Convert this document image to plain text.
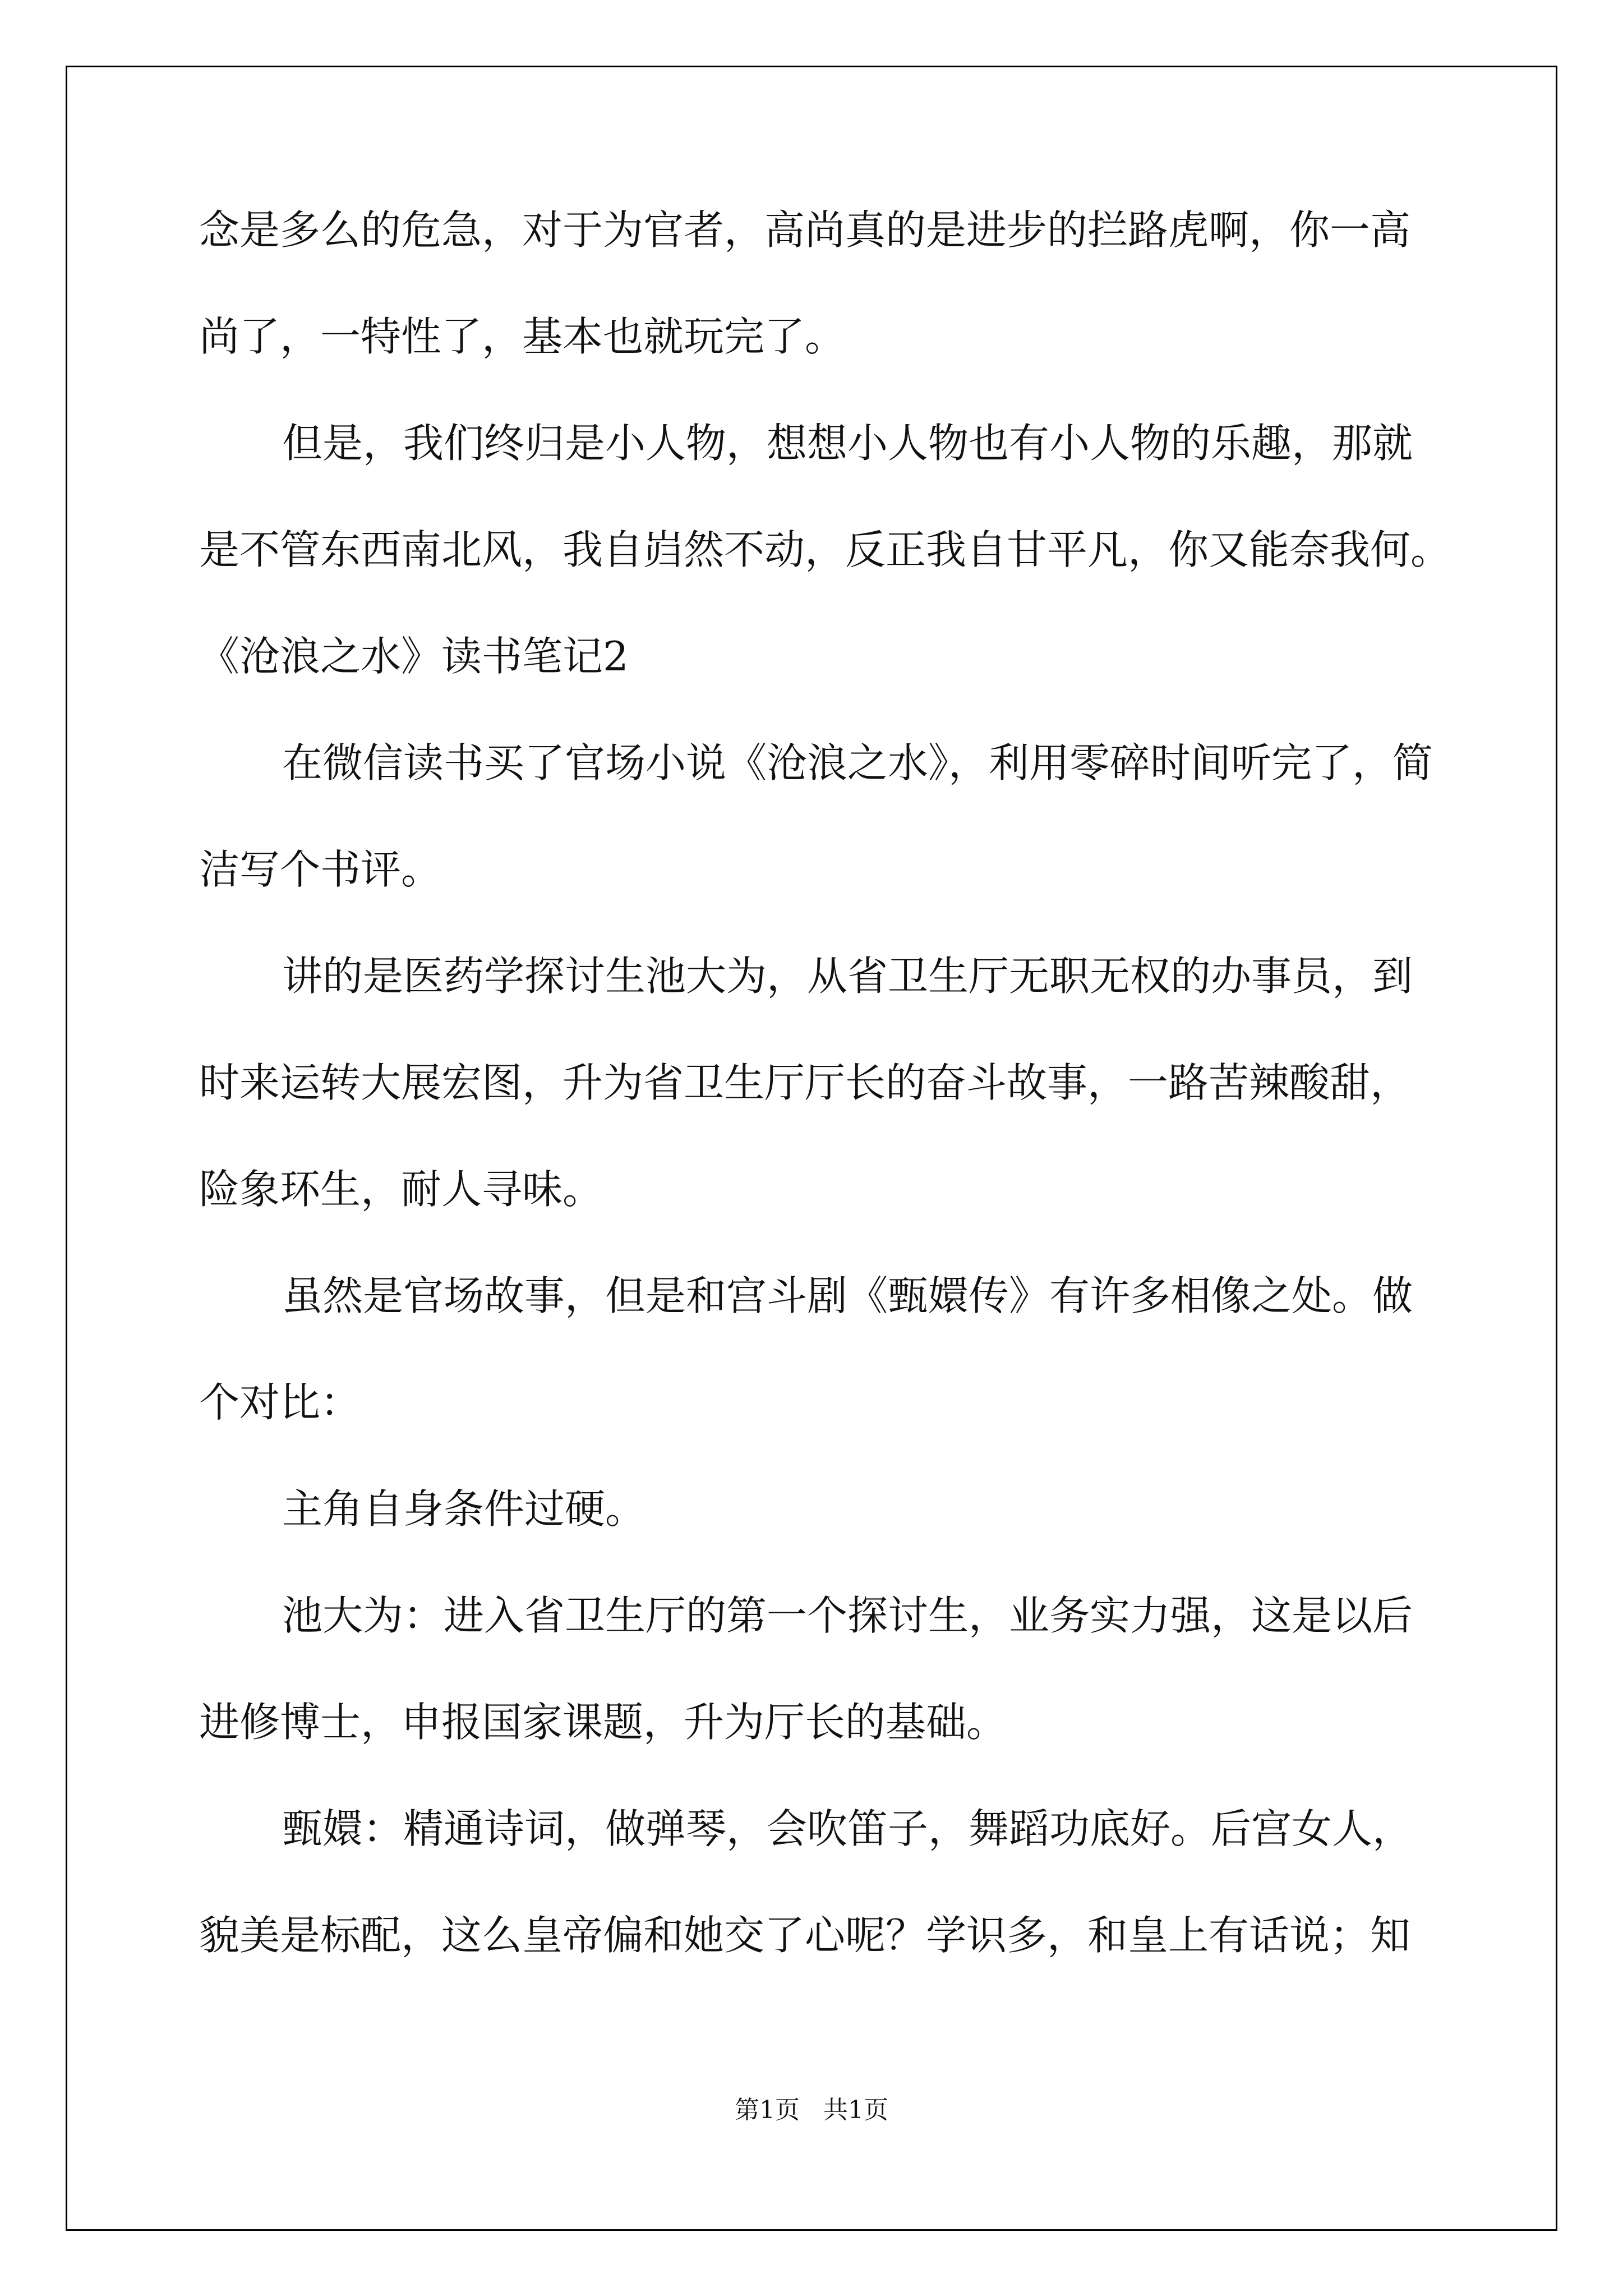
念是多么的危急，对于为官者，高尚真的是进步的拦路虎啊，你一高
尚了，一特性了，基本也就玩完了。
但是，我们终归是小人物，想想小人物也有小人物的乐趣，那就
是不管东西南北风，我自岿然不动，反正我自甘平凡，你又能奈我何。
《沧浪之水》读书笔记2
在微信读书买了官场小说《沧浪之水》，利用零碎时间听完了，简
洁写个书评。
讲的是医药学探讨生池大为，从省卫生厅无职无权的办事员，到
时来运转大展宏图，升为省卫生厅厅长的奋斗故事，一路苦辣酸甜，
险象环生，耐人寻味。
虽然是官场故事，但是和宫斗剧《甄嬛传》有许多相像之处。做
个对比：
主角自身条件过硬。
池大为：进入省卫生厅的第一个探讨生，业务实力强，这是以后
进修博士，申报国家课题，升为厅长的基础。
甄嬛：精通诗词，做弹琴，会吹笛子，舞蹈功底好。后宫女人，
貌美是标配，这么皇帝偏和她交了心呢？学识多，和皇上有话说；知
第1页   共1页
